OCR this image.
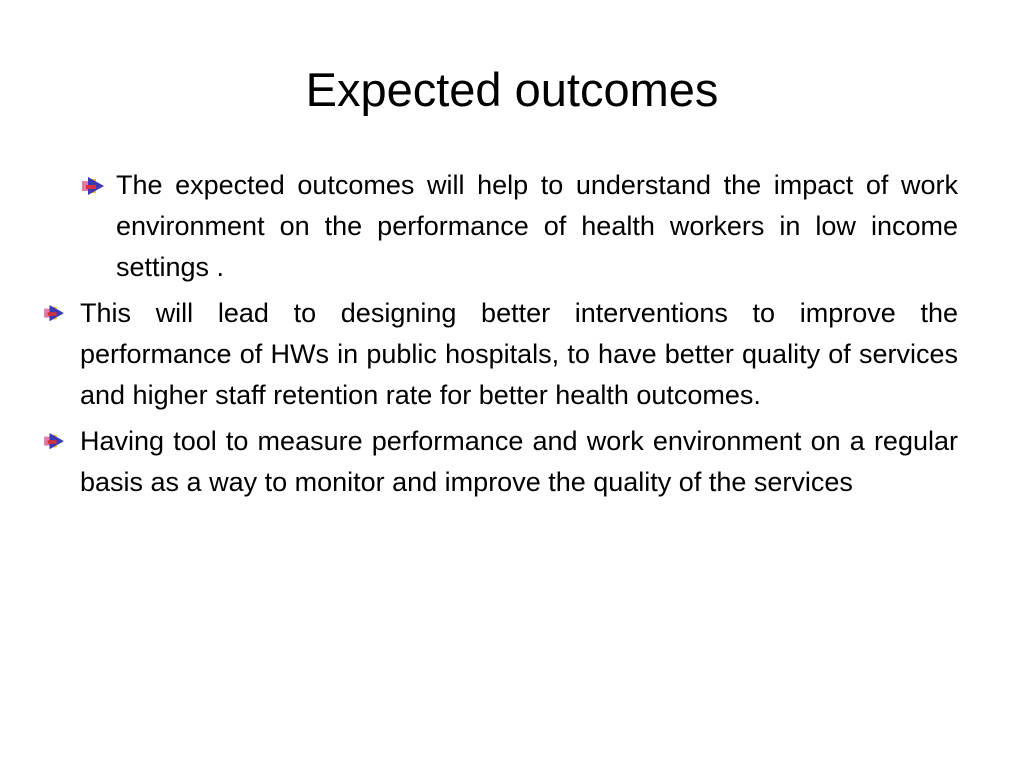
Expected outcomes
The expected outcomes will help to understand the impact of work environment on the performance of health workers in low income settings .
This will lead to designing better interventions to improve the performance of HWs in public hospitals, to have better quality of services and higher staff retention rate for better health outcomes.
Having tool to measure performance and work environment on a regular basis as a way to monitor and improve the quality of the services
